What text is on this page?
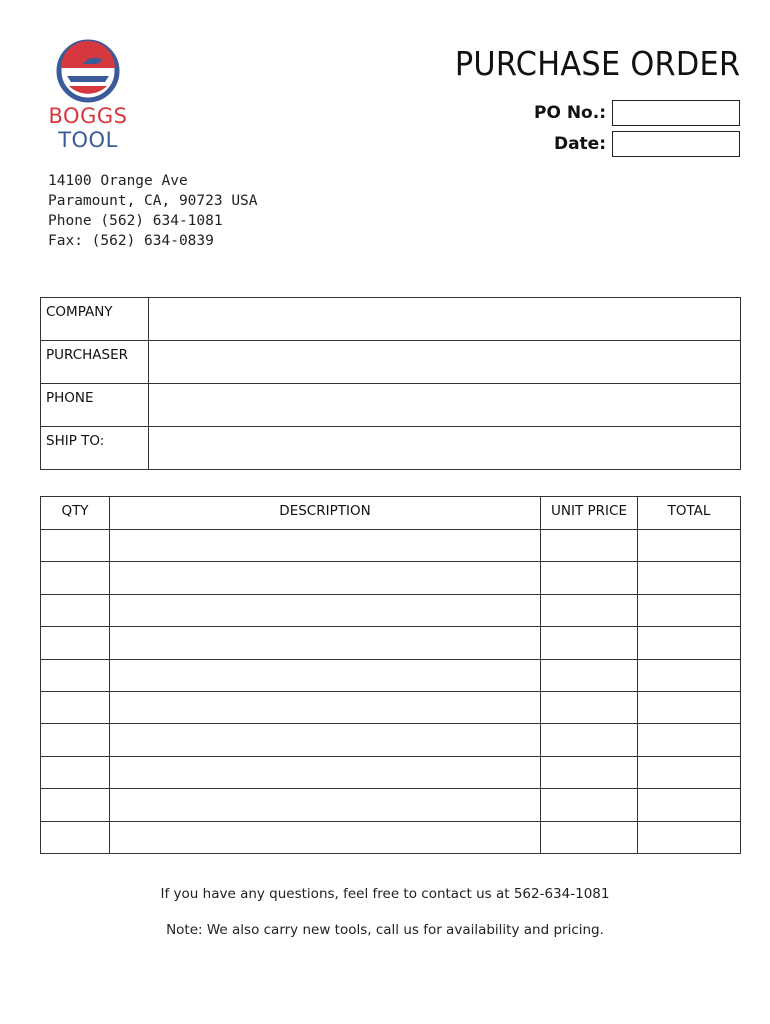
BOGGS
TOOL
PURCHASE ORDER
PO No.:
Date:
14100 Orange Ave
Paramount, CA, 90723 USA
Phone (562) 634-1081
Fax: (562) 634-0839
COMPANY	
PURCHASER	
PHONE	
SHIP TO:	
QTY	DESCRIPTION	UNIT PRICE	TOTAL

If you have any questions, feel free to contact us at 562-634-1081
Note: We also carry new tools, call us for availability and pricing.
